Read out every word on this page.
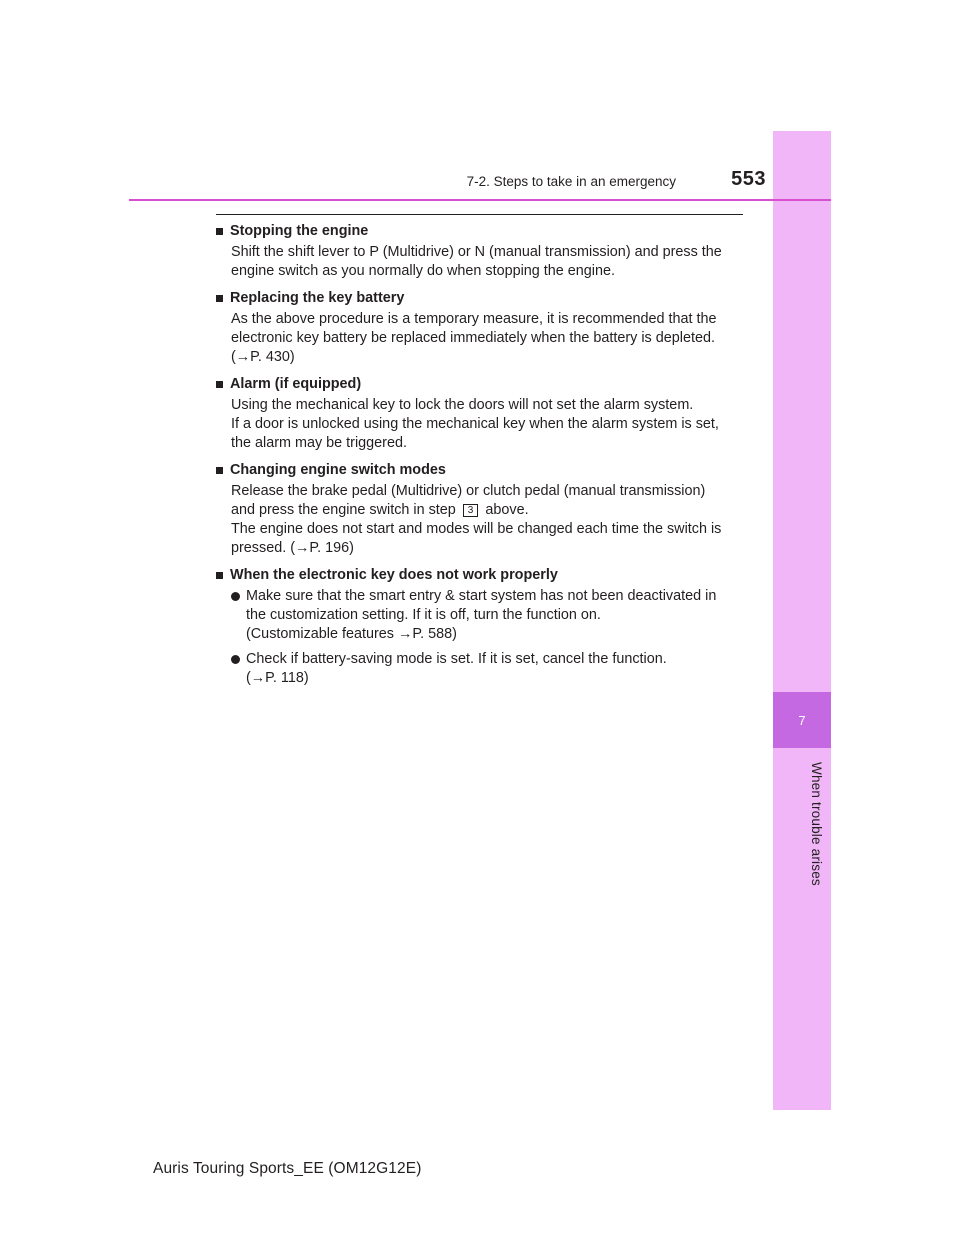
7
When trouble arises
7-2. Steps to take in an emergency	553
Stopping the engine
Shift the shift lever to P (Multidrive) or N (manual transmission) and press the
engine switch as you normally do when stopping the engine.
Replacing the key battery
As the above procedure is a temporary measure, it is recommended that the
electronic key battery be replaced immediately when the battery is depleted.
(→P. 430)
Alarm (if equipped)
Using the mechanical key to lock the doors will not set the alarm system.
If a door is unlocked using the mechanical key when the alarm system is set,
the alarm may be triggered.
Changing engine switch modes
Release the brake pedal (Multidrive) or clutch pedal (manual transmission)
and press the engine switch in step 3 above.
The engine does not start and modes will be changed each time the switch is
pressed. (→P. 196)
When the electronic key does not work properly
Make sure that the smart entry & start system has not been deactivated in
the customization setting. If it is off, turn the function on.
(Customizable features →P. 588)
Check if battery-saving mode is set. If it is set, cancel the function.
(→P. 118)
Auris Touring Sports_EE (OM12G12E)
